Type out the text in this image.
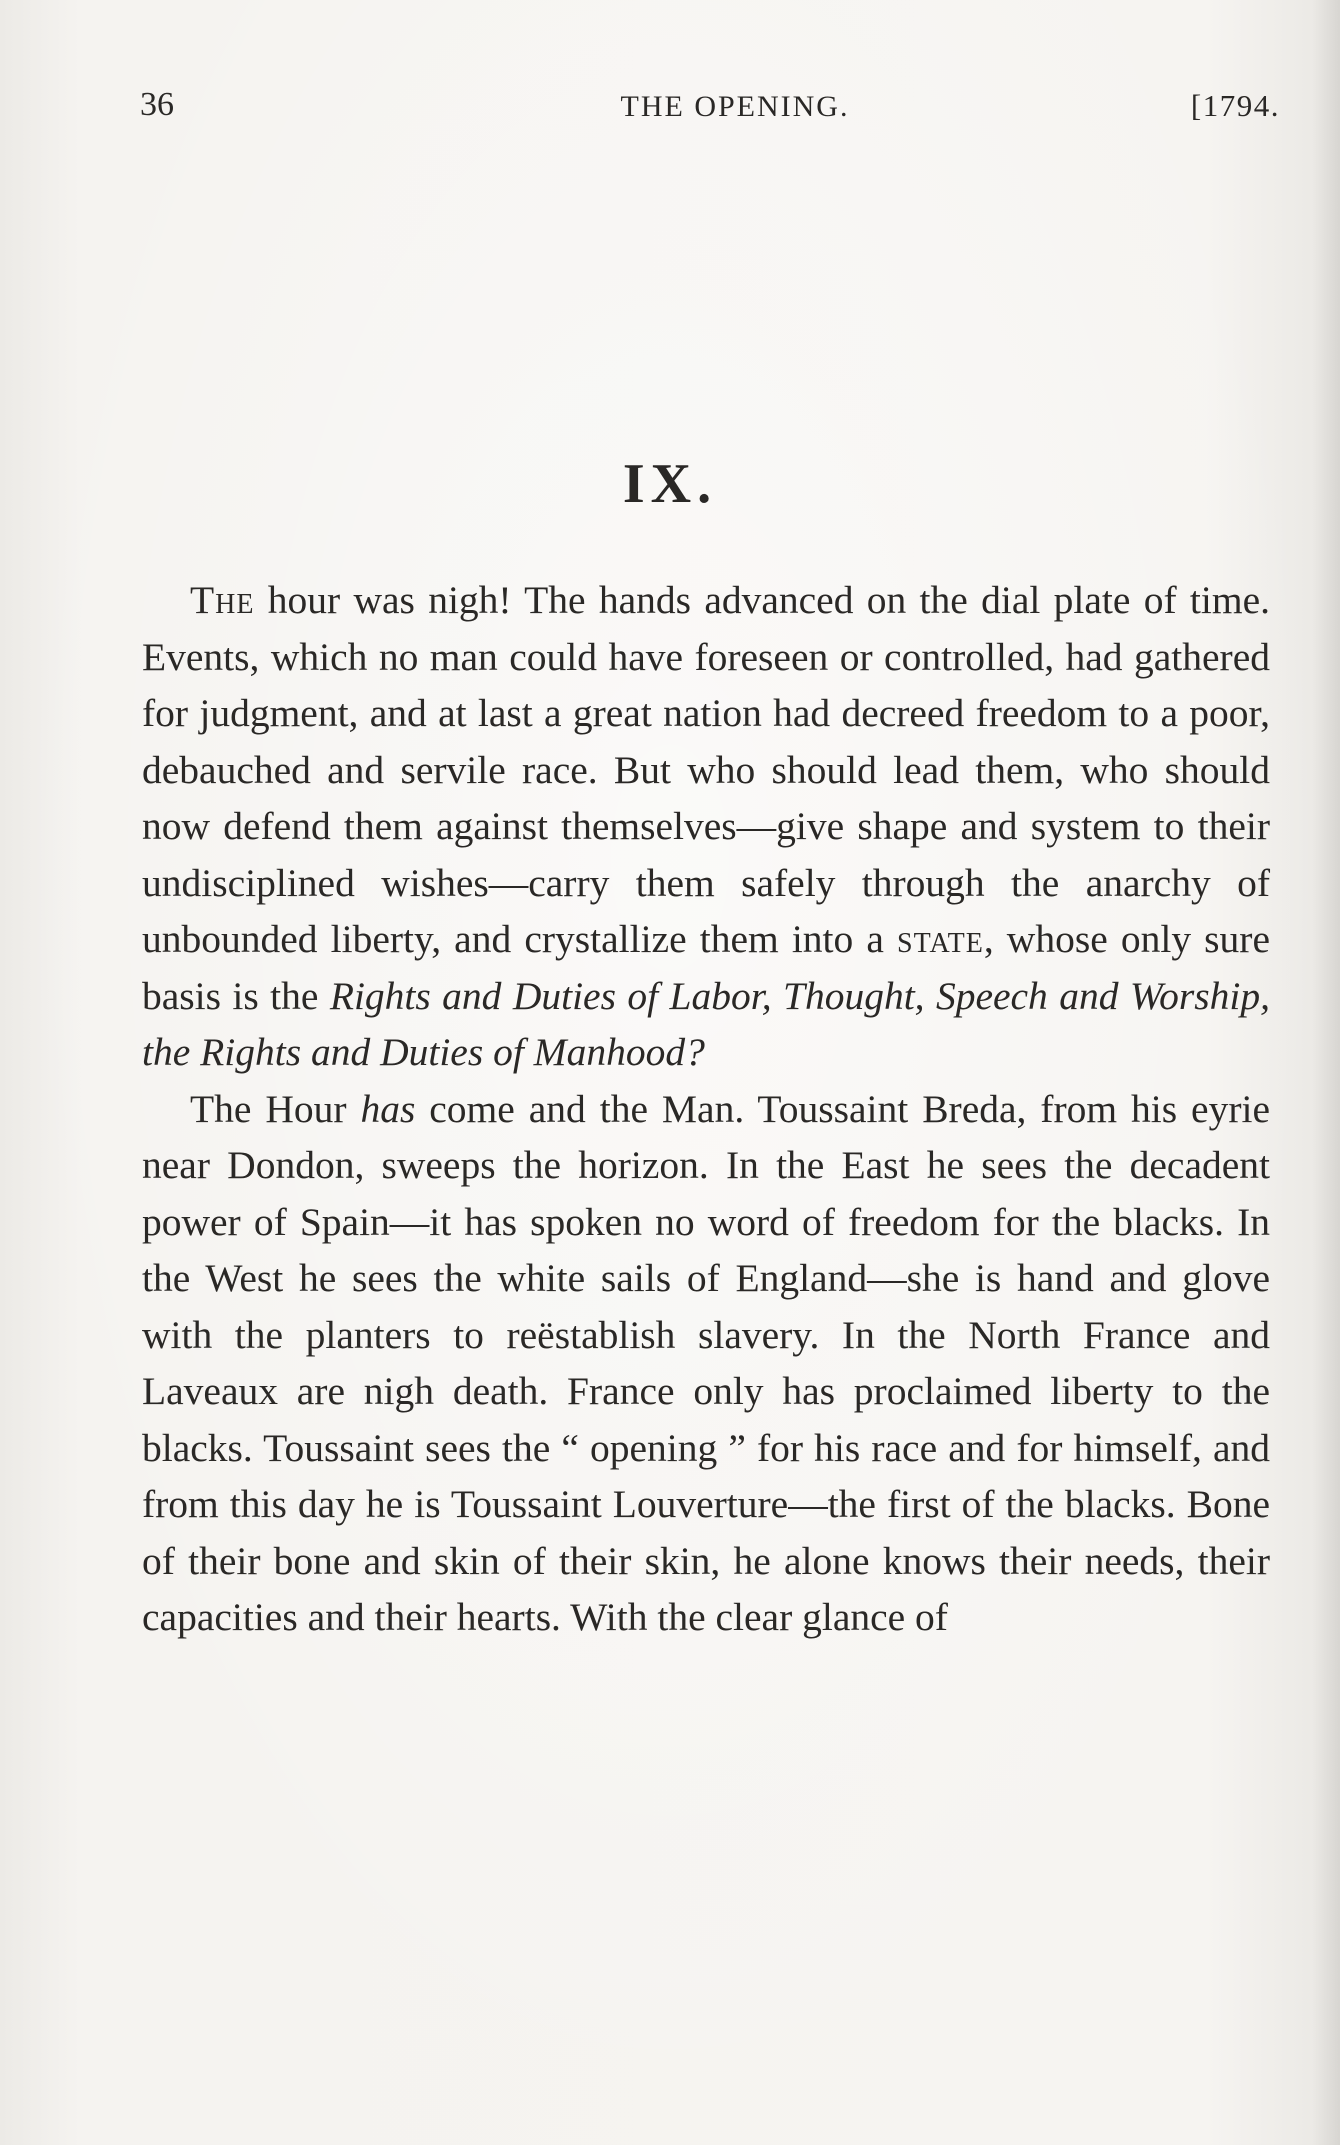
36	THE OPENING.	[1794.
IX.

The hour was nigh! The hands advanced on the dial plate of time. Events, which no man could have foreseen or controlled, had gathered for judgment, and at last a great nation had decreed freedom to a poor, debauched and servile race. But who should lead them, who should now defend them against themselves—give shape and system to their undisciplined wishes—carry them safely through the anarchy of unbounded liberty, and crystallize them into a state, whose only sure basis is the Rights and Duties of Labor, Thought, Speech and Worship, the Rights and Duties of Manhood?

The Hour has come and the Man. Toussaint Breda, from his eyrie near Dondon, sweeps the horizon. In the East he sees the decadent power of Spain—it has spoken no word of freedom for the blacks. In the West he sees the white sails of England—she is hand and glove with the planters to reëstablish slavery. In the North France and Laveaux are nigh death. France only has proclaimed liberty to the blacks. Toussaint sees the “ opening ” for his race and for himself, and from this day he is Toussaint Louverture—the first of the blacks. Bone of their bone and skin of their skin, he alone knows their needs, their capacities and their hearts. With the clear glance of
